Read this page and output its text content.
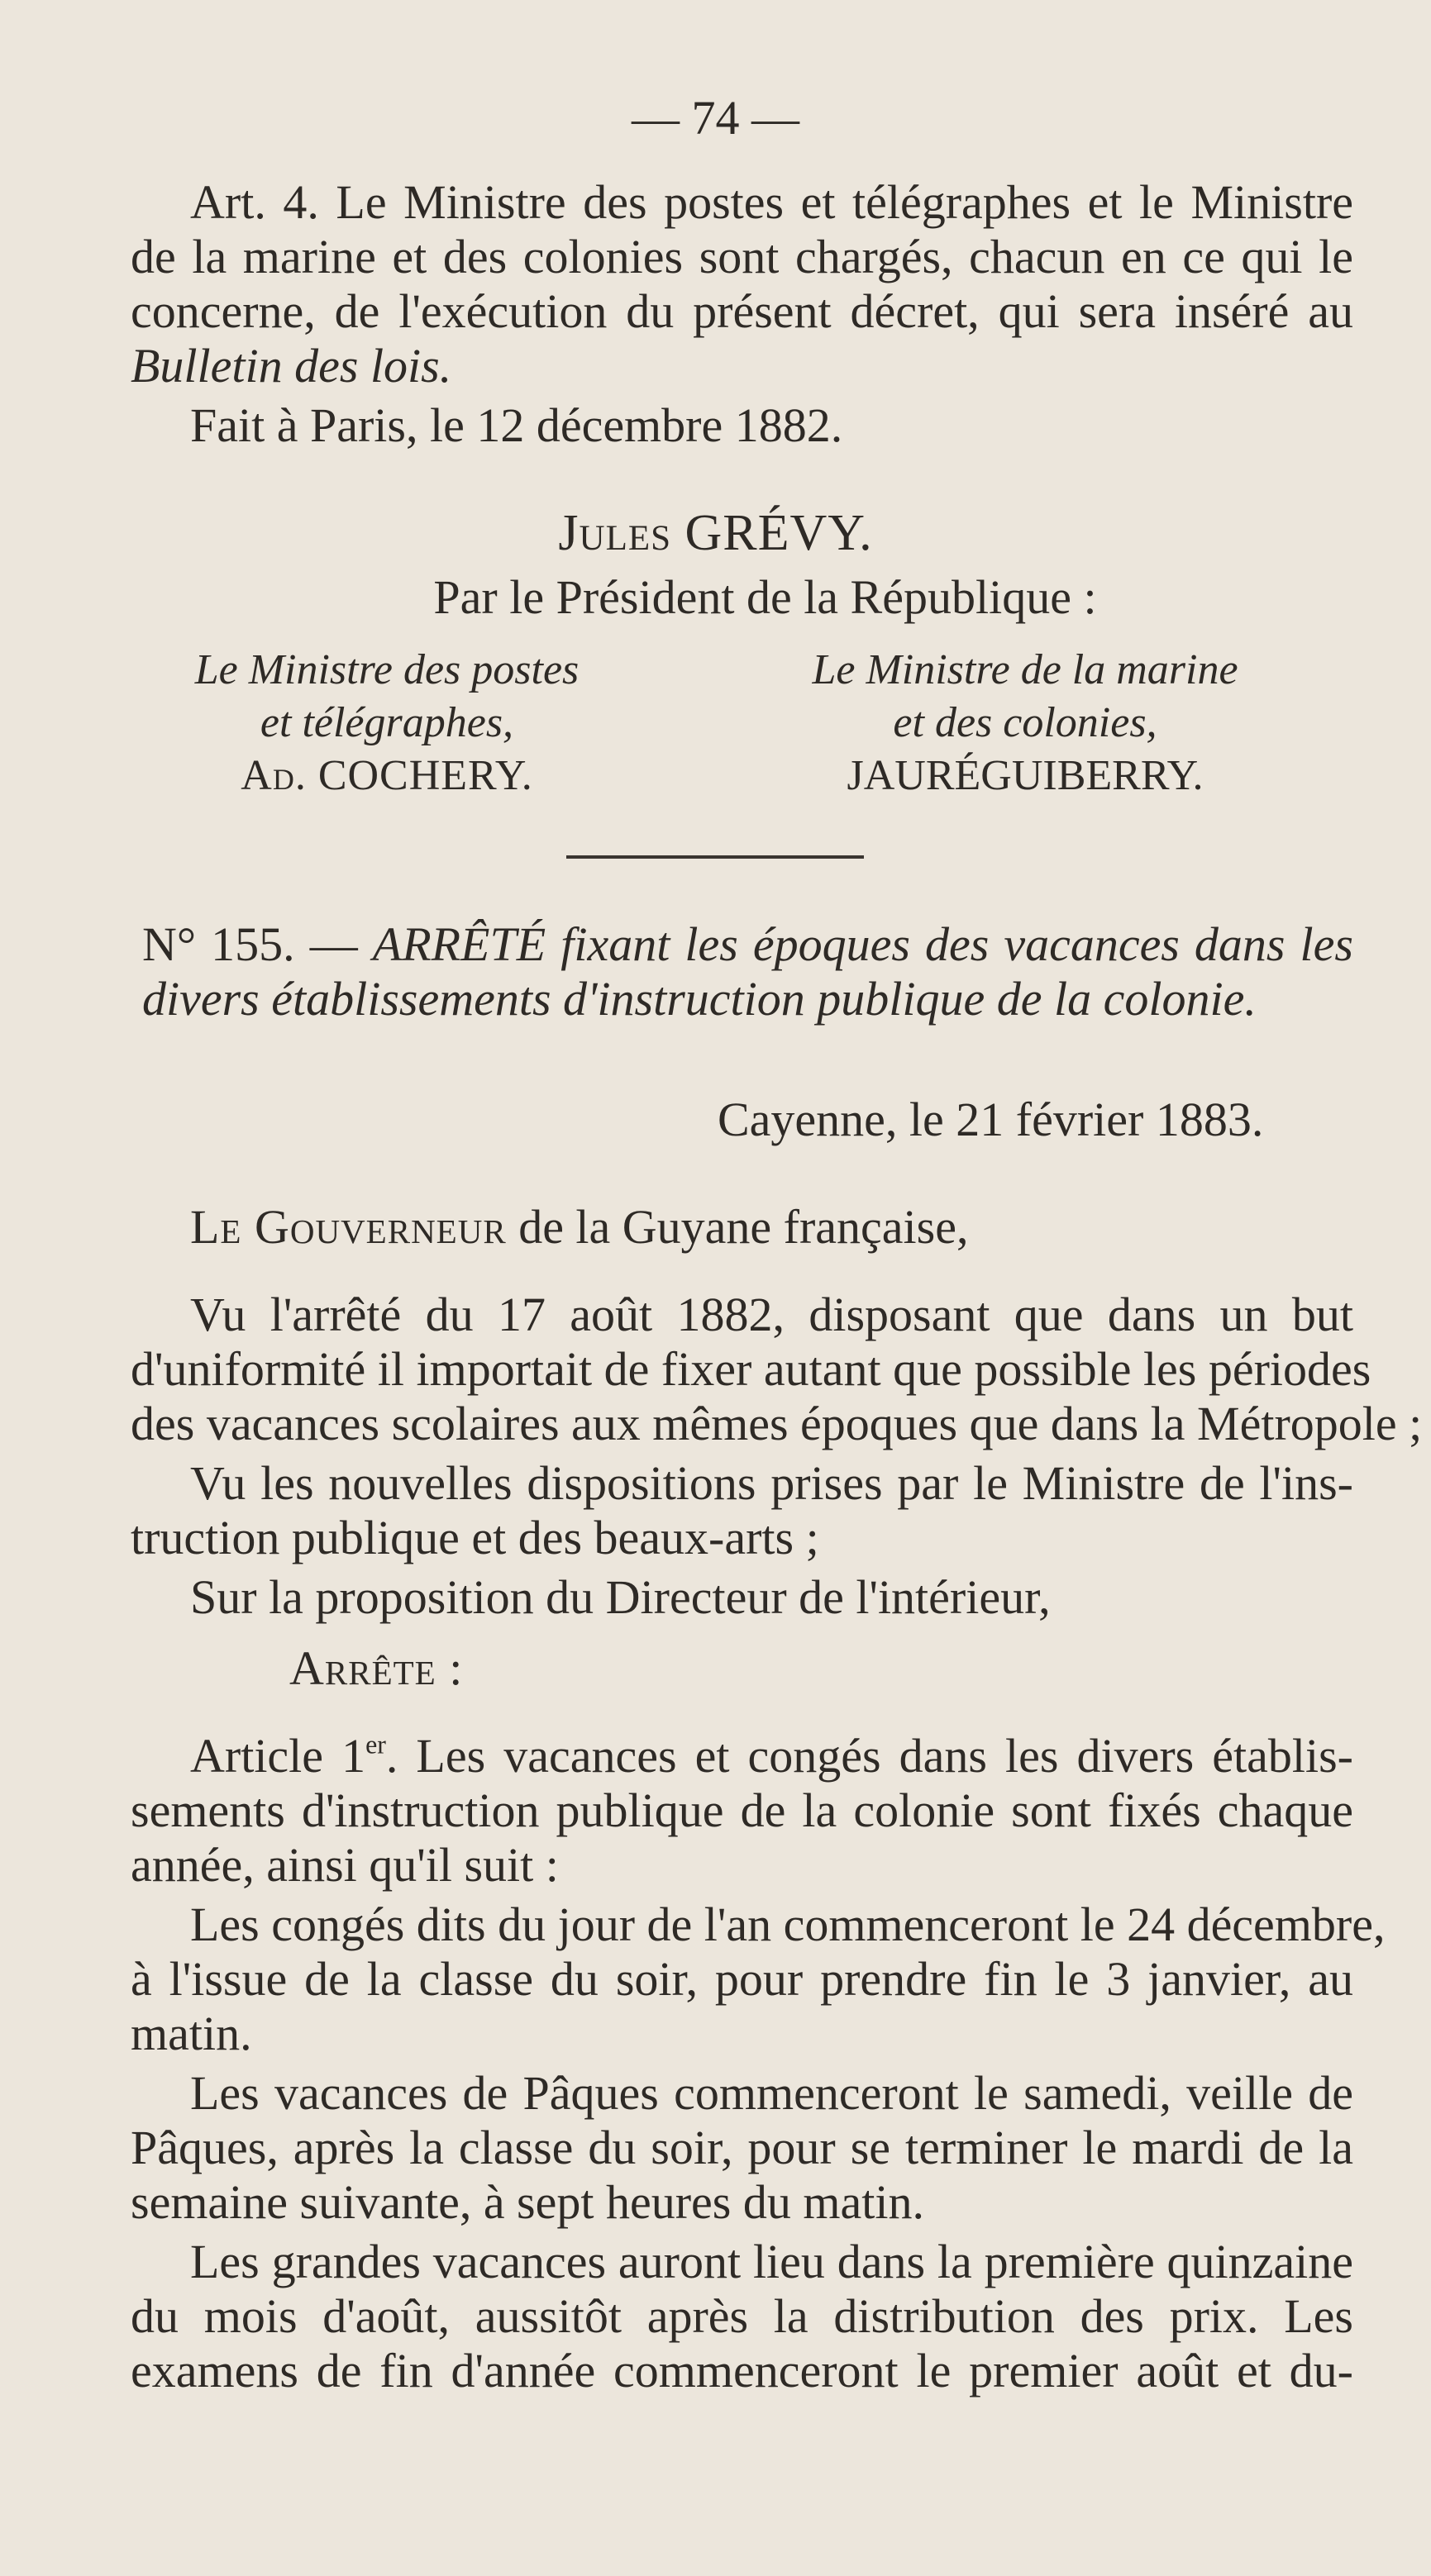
— 74 —
Art. 4. Le Ministre des postes et télégraphes et le Ministre
de la marine et des colonies sont chargés, chacun en ce qui le
concerne, de l'exécution du présent décret, qui sera inséré au
Bulletin des lois.
Fait à Paris, le 12 décembre 1882.
Jules GRÉVY.
Par le Président de la République :
Le Ministre des postes
et télégraphes,
Ad. COCHERY.
Le Ministre de la marine
et des colonies,
JAURÉGUIBERRY.
N° 155. — ARRÊTÉ fixant les époques des vacances dans les
divers établissements d'instruction publique de la colonie.
Cayenne, le 21 février 1883.
Le Gouverneur de la Guyane française,
Vu l'arrêté du 17 août 1882, disposant que dans un but
d'uniformité il importait de fixer autant que possible les périodes
des vacances scolaires aux mêmes époques que dans la Métropole ;
Vu les nouvelles dispositions prises par le Ministre de l'ins-
truction publique et des beaux-arts ;
Sur la proposition du Directeur de l'intérieur,
Arrête :
Article 1er. Les vacances et congés dans les divers établis-
sements d'instruction publique de la colonie sont fixés chaque
année, ainsi qu'il suit :
Les congés dits du jour de l'an commenceront le 24 décembre,
à l'issue de la classe du soir, pour prendre fin le 3 janvier, au
matin.
Les vacances de Pâques commenceront le samedi, veille de
Pâques, après la classe du soir, pour se terminer le mardi de la
semaine suivante, à sept heures du matin.
Les grandes vacances auront lieu dans la première quinzaine
du mois d'août, aussitôt après la distribution des prix. Les
examens de fin d'année commenceront le premier août et du-
